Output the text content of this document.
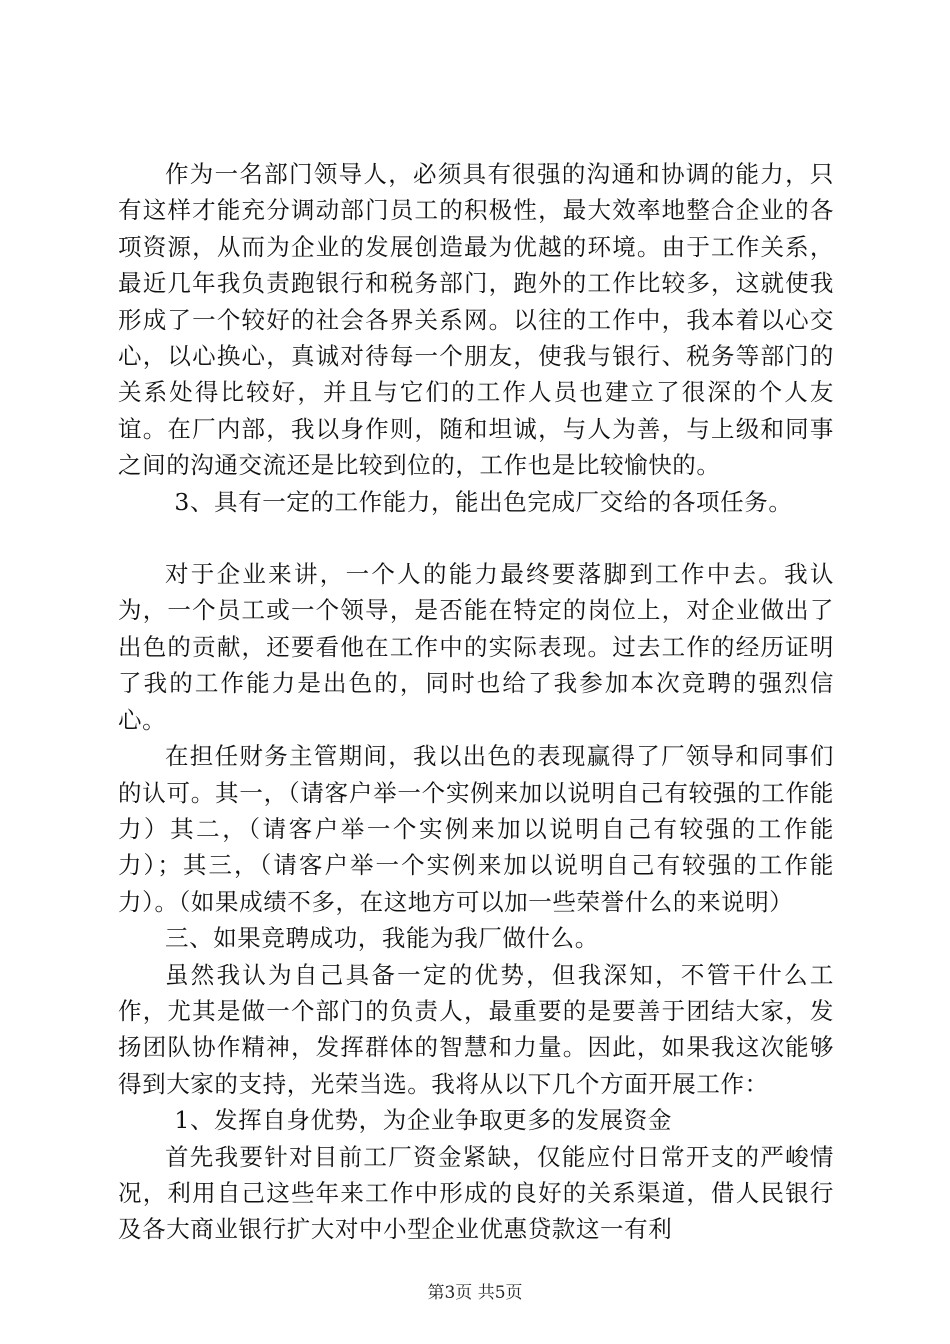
作为一名部门领导人，必须具有很强的沟通和协调的能力，只有这样才能充分调动部门员工的积极性，最大效率地整合企业的各项资源，从而为企业的发展创造最为优越的环境。由于工作关系，最近几年我负责跑银行和税务部门，跑外的工作比较多，这就使我形成了一个较好的社会各界关系网。以往的工作中，我本着以心交心，以心换心，真诚对待每一个朋友，使我与银行、税务等部门的关系处得比较好，并且与它们的工作人员也建立了很深的个人友谊。在厂内部，我以身作则，随和坦诚，与人为善，与上级和同事之间的沟通交流还是比较到位的，工作也是比较愉快的。

3、具有一定的工作能力，能出色完成厂交给的各项任务。

对于企业来讲，一个人的能力最终要落脚到工作中去。我认为，一个员工或一个领导，是否能在特定的岗位上，对企业做出了出色的贡献，还要看他在工作中的实际表现。过去工作的经历证明了我的工作能力是出色的，同时也给了我参加本次竞聘的强烈信心。

在担任财务主管期间，我以出色的表现赢得了厂领导和同事们的认可。其一，（请客户举一个实例来加以说明自己有较强的工作能力）其二，（请客户举一个实例来加以说明自己有较强的工作能力）；其三，（请客户举一个实例来加以说明自己有较强的工作能力）。（如果成绩不多，在这地方可以加一些荣誉什么的来说明）

三、如果竞聘成功，我能为我厂做什么。

虽然我认为自己具备一定的优势，但我深知，不管干什么工作，尤其是做一个部门的负责人，最重要的是要善于团结大家，发扬团队协作精神，发挥群体的智慧和力量。因此，如果我这次能够得到大家的支持，光荣当选。我将从以下几个方面开展工作：

1、发挥自身优势，为企业争取更多的发展资金

首先我要针对目前工厂资金紧缺，仅能应付日常开支的严峻情况，利用自己这些年来工作中形成的良好的关系渠道，借人民银行及各大商业银行扩大对中小型企业优惠贷款这一有利

第3页 共5页
